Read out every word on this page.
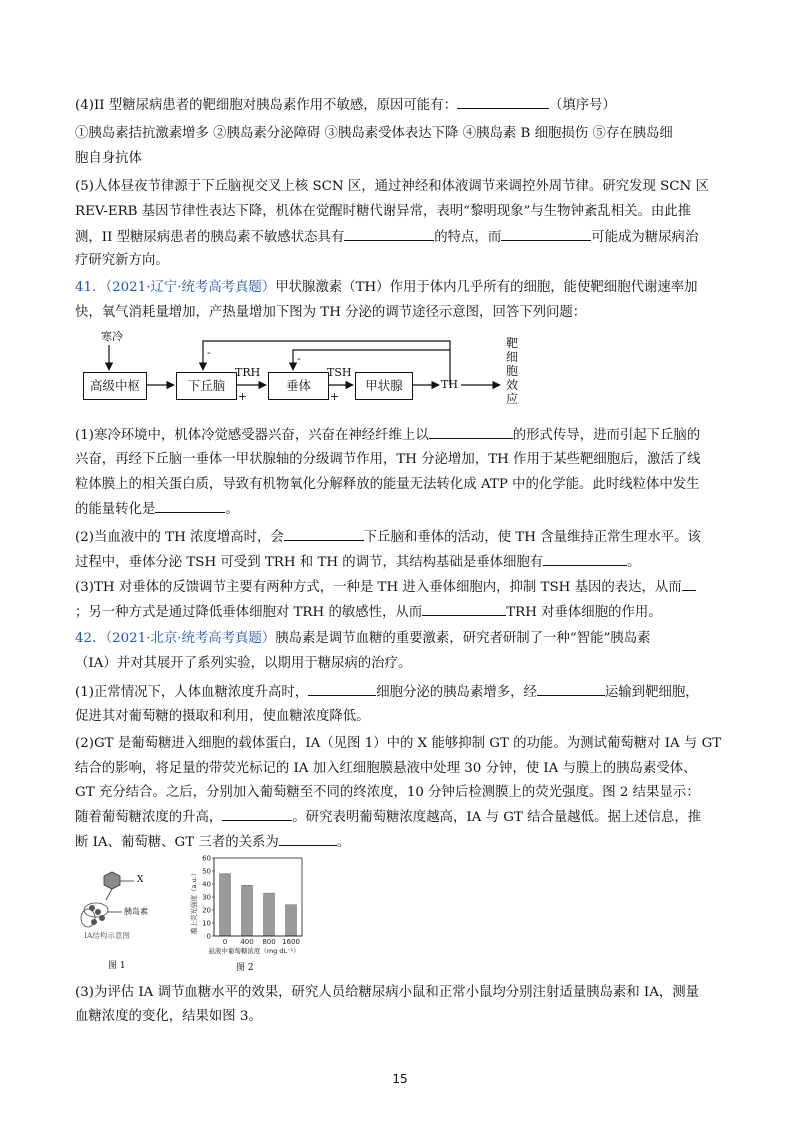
(4)II 型糖尿病患者的靶细胞对胰岛素作用不敏感，原因可能有：	（填序号）
①胰岛素拮抗激素增多 ②胰岛素分泌障碍 ③胰岛素受体表达下降 ④胰岛素 B 细胞损伤 ⑤存在胰岛细
胞自身抗体
(5)人体昼夜节律源于下丘脑视交叉上核 SCN 区，通过神经和体液调节来调控外周节律。研究发现 SCN 区
REV-ERB 基因节律性表达下降，机体在觉醒时糖代谢异常，表明“黎明现象”与生物钟紊乱相关。由此推
测，II 型糖尿病患者的胰岛素不敏感状态具有	的特点，而	可能成为糖尿病治
疗研究新方向。
41．（2021·辽宁·统考高考真题）甲状腺激素（TH）作用于体内几乎所有的细胞，能使靶细胞代谢速率加
快，氧气消耗量增加，产热量增加下图为 TH 分泌的调节途径示意图，回答下列问题：
寒冷
高级中枢	下丘脑	垂体	甲状腺
TRH	TSH
TH
+	+
-	-
靶
细
胞
效
应
(1)寒冷环境中，机体冷觉感受器兴奋，兴奋在神经纤维上以	的形式传导，进而引起下丘脑的
兴奋，再经下丘脑一垂体一甲状腺轴的分级调节作用，TH 分泌增加，TH 作用于某些靶细胞后，激活了线
粒体膜上的相关蛋白质，导致有机物氧化分解释放的能量无法转化成 ATP 中的化学能。此时线粒体中发生
的能量转化是	。
(2)当血液中的 TH 浓度增高时，会	下丘脑和垂体的活动，使 TH 含量维持正常生理水平。该
过程中，垂体分泌 TSH 可受到 TRH 和 TH 的调节，其结构基础是垂体细胞有	。
(3)TH 对垂体的反馈调节主要有两种方式，一种是 TH 进入垂体细胞内，抑制 TSH 基因的表达，从而
；另一种方式是通过降低垂体细胞对 TRH 的敏感性，从而	TRH 对垂体细胞的作用。
42．（2021·北京·统考高考真题）胰岛素是调节血糖的重要激素，研究者研制了一种“智能”胰岛素
（IA）并对其展开了系列实验，以期用于糖尿病的治疗。
(1)正常情况下，人体血糖浓度升高时，	细胞分泌的胰岛素增多，经	运输到靶细胞，
促进其对葡萄糖的摄取和利用，使血糖浓度降低。
(2)GT 是葡萄糖进入细胞的载体蛋白，IA（见图 1）中的 X 能够抑制 GT 的功能。为测试葡萄糖对 IA 与 GT
结合的影响，将足量的带荧光标记的 IA 加入红细胞膜悬液中处理 30 分钟，使 IA 与膜上的胰岛素受体、
GT 充分结合。之后，分别加入葡萄糖至不同的终浓度，10 分钟后检测膜上的荧光强度。图 2 结果显示：
随着葡萄糖浓度的升高，	。研究表明葡萄糖浓度越高，IA 与 GT 结合量越低。据上述信息，推
断 IA、葡萄糖、GT 三者的关系为	。
X
胰岛素
IA结构示意图
图 1
0
10
20
30
40
50
60
0 400 800 1600
膜上荧光强度（a.u.）
悬液中葡萄糖浓度（mg·dL⁻¹）
图 2
(3)为评估 IA 调节血糖水平的效果，研究人员给糖尿病小鼠和正常小鼠均分别注射适量胰岛素和 IA，测量
血糖浓度的变化，结果如图 3。
15
